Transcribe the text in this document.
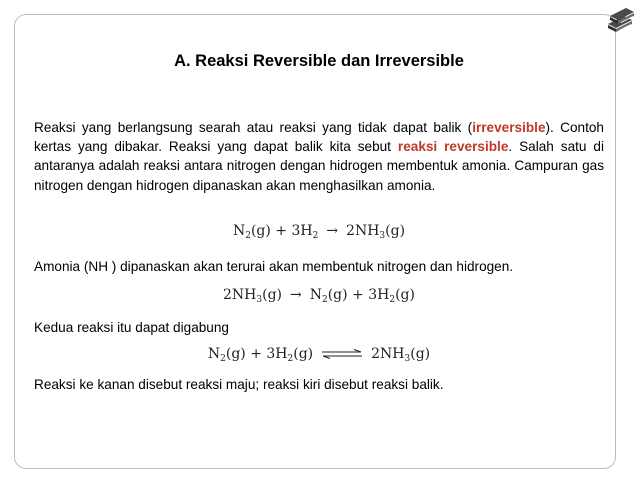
A. Reaksi Reversible dan Irreversible
Reaksi yang berlangsung searah atau reaksi yang tidak dapat balik (irreversible). Contoh kertas yang dibakar. Reaksi yang dapat balik kita sebut reaksi reversible. Salah satu di antaranya adalah reaksi antara nitrogen dengan hidrogen membentuk amonia. Campuran gas nitrogen dengan hidrogen dipanaskan akan menghasilkan amonia.
$N_2(g) + 3H_2 \to 2NH_3(g)$
Amonia (NH ) dipanaskan akan terurai akan membentuk nitrogen dan hidrogen.
$2NH_3(g) \to N_2(g) + 3H_2(g)$
Kedua reaksi itu dapat digabung
$N_2(g) + 3H_2(g)$ ⇌ $2NH_3(g)$
Reaksi ke kanan disebut reaksi maju; reaksi kiri disebut reaksi balik.
